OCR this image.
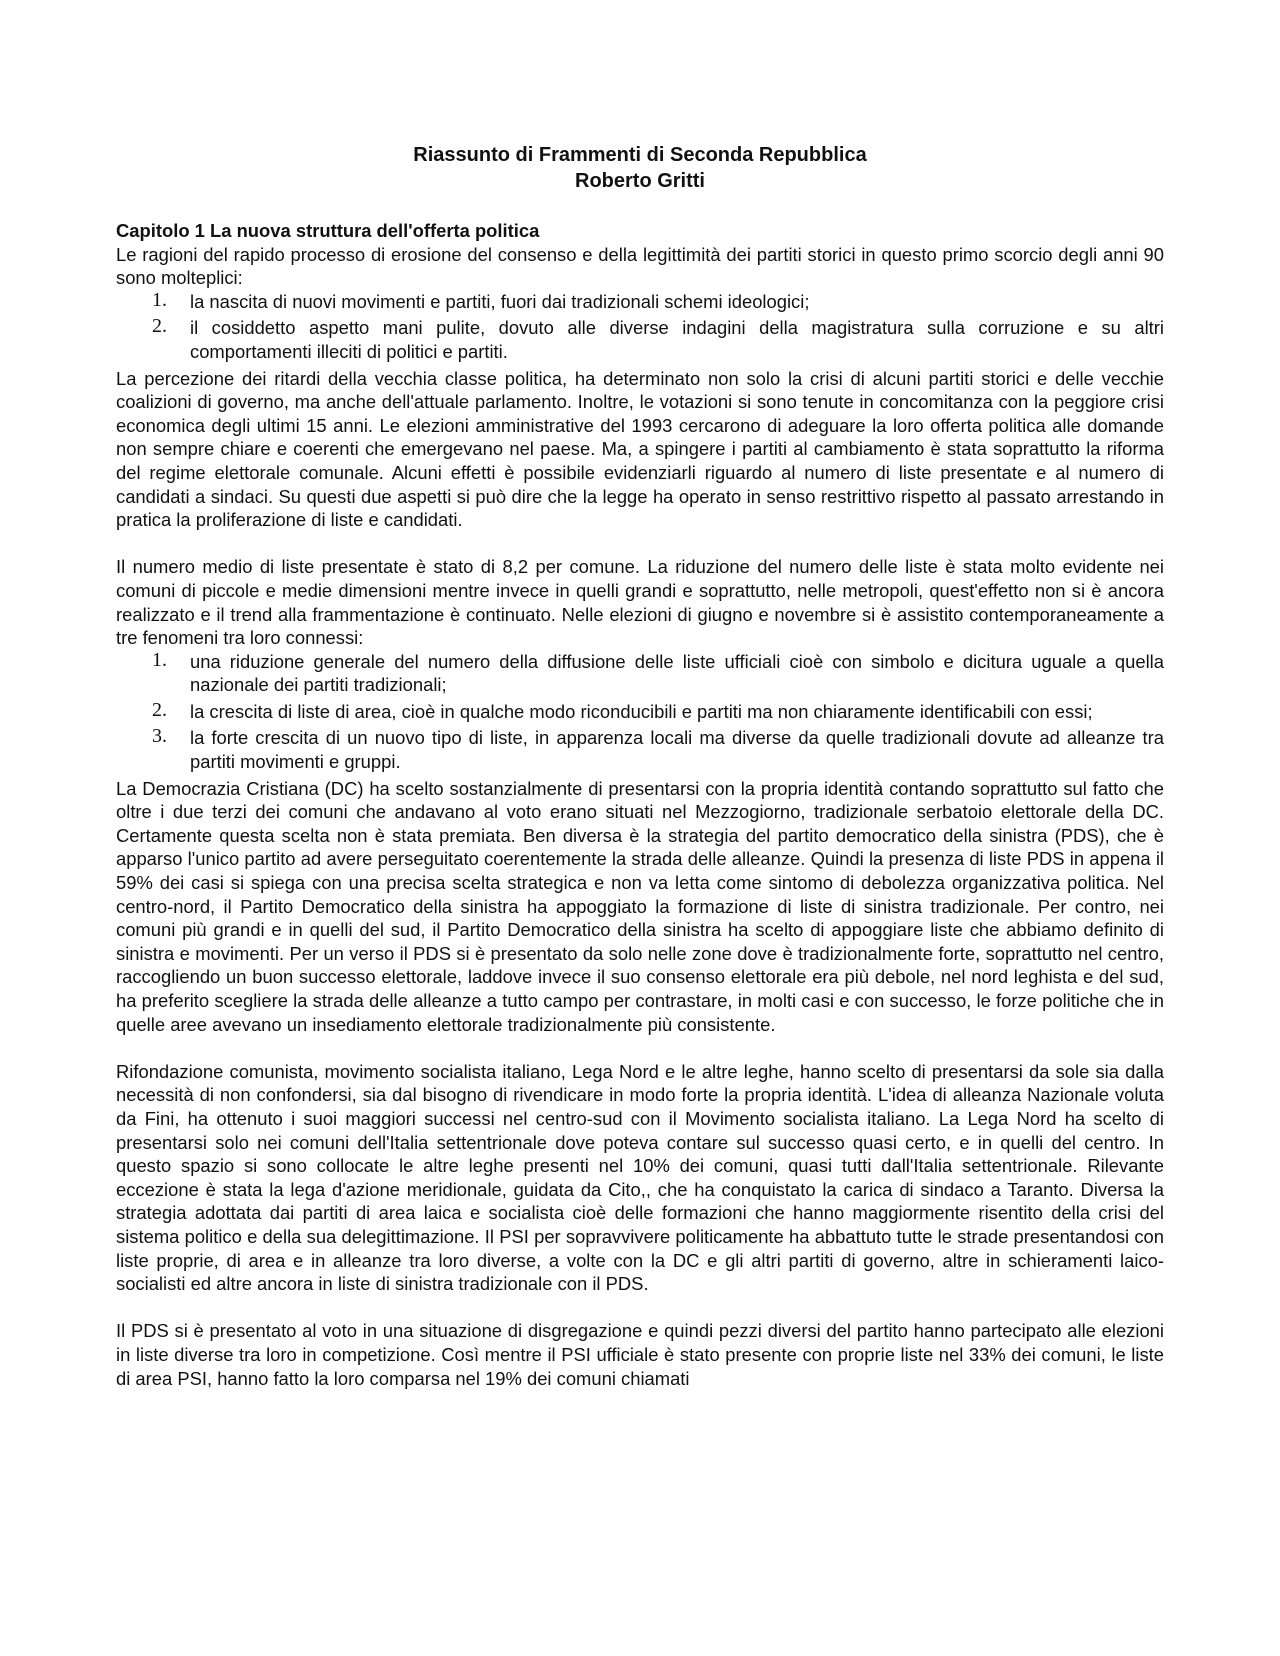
Riassunto di Frammenti di Seconda Repubblica
Roberto Gritti
Capitolo 1 La nuova struttura dell'offerta politica

Le ragioni del rapido processo di erosione del consenso e della legittimità dei partiti storici in questo primo scorcio degli anni 90 sono molteplici:

1. la nascita di nuovi movimenti e partiti, fuori dai tradizionali schemi ideologici;
2. il cosiddetto aspetto mani pulite, dovuto alle diverse indagini della magistratura sulla corruzione e su altri comportamenti illeciti di politici e partiti.

La percezione dei ritardi della vecchia classe politica, ha determinato non solo la crisi di alcuni partiti storici e delle vecchie coalizioni di governo, ma anche dell'attuale parlamento. Inoltre, le votazioni si sono tenute in concomitanza con la peggiore crisi economica degli ultimi 15 anni. Le elezioni amministrative del 1993 cercarono di adeguare la loro offerta politica alle domande non sempre chiare e coerenti che emergevano nel paese. Ma, a spingere i partiti al cambiamento è stata soprattutto la riforma del regime elettorale comunale. Alcuni effetti è possibile evidenziarli riguardo al numero di liste presentate e al numero di candidati a sindaci. Su questi due aspetti si può dire che la legge ha operato in senso restrittivo rispetto al passato arrestando in pratica la proliferazione di liste e candidati.

Il numero medio di liste presentate è stato di 8,2 per comune. La riduzione del numero delle liste è stata molto evidente nei comuni di piccole e medie dimensioni mentre invece in quelli grandi e soprattutto, nelle metropoli, quest'effetto non si è ancora realizzato e il trend alla frammentazione è continuato. Nelle elezioni di giugno e novembre si è assistito contemporaneamente a tre fenomeni tra loro connessi:

1. una riduzione generale del numero della diffusione delle liste ufficiali cioè con simbolo e dicitura uguale a quella nazionale dei partiti tradizionali;
2. la crescita di liste di area, cioè in qualche modo riconducibili e partiti ma non chiaramente identificabili con essi;
3. la forte crescita di un nuovo tipo di liste, in apparenza locali ma diverse da quelle tradizionali dovute ad alleanze tra partiti movimenti e gruppi.

La Democrazia Cristiana (DC) ha scelto sostanzialmente di presentarsi con la propria identità contando soprattutto sul fatto che oltre i due terzi dei comuni che andavano al voto erano situati nel Mezzogiorno, tradizionale serbatoio elettorale della DC. Certamente questa scelta non è stata premiata. Ben diversa è la strategia del partito democratico della sinistra (PDS), che è apparso l'unico partito ad avere perseguitato coerentemente la strada delle alleanze. Quindi la presenza di liste PDS in appena il 59% dei casi si spiega con una precisa scelta strategica e non va letta come sintomo di debolezza organizzativa politica. Nel centro-nord, il Partito Democratico della sinistra ha appoggiato la formazione di liste di sinistra tradizionale. Per contro, nei comuni più grandi e in quelli del sud, il Partito Democratico della sinistra ha scelto di appoggiare liste che abbiamo definito di sinistra e movimenti. Per un verso il PDS si è presentato da solo nelle zone dove è tradizionalmente forte, soprattutto nel centro, raccogliendo un buon successo elettorale, laddove invece il suo consenso elettorale era più debole, nel nord leghista e del sud, ha preferito scegliere la strada delle alleanze a tutto campo per contrastare, in molti casi e con successo, le forze politiche che in quelle aree avevano un insediamento elettorale tradizionalmente più consistente.

Rifondazione comunista, movimento socialista italiano, Lega Nord e le altre leghe, hanno scelto di presentarsi da sole sia dalla necessità di non confondersi, sia dal bisogno di rivendicare in modo forte la propria identità. L'idea di alleanza Nazionale voluta da Fini, ha ottenuto i suoi maggiori successi nel centro-sud con il Movimento socialista italiano. La Lega Nord ha scelto di presentarsi solo nei comuni dell'Italia settentrionale dove poteva contare sul successo quasi certo, e in quelli del centro. In questo spazio si sono collocate le altre leghe presenti nel 10% dei comuni, quasi tutti dall'Italia settentrionale. Rilevante eccezione è stata la lega d'azione meridionale, guidata da Cito,, che ha conquistato la carica di sindaco a Taranto. Diversa la strategia adottata dai partiti di area laica e socialista cioè delle formazioni che hanno maggiormente risentito della crisi del sistema politico e della sua delegittimazione. Il PSI per sopravvivere politicamente ha abbattuto tutte le strade presentandosi con liste proprie, di area e in alleanze tra loro diverse, a volte con la DC e gli altri partiti di governo, altre in schieramenti laico-socialisti ed altre ancora in liste di sinistra tradizionale con il PDS.

Il PDS si è presentato al voto in una situazione di disgregazione e quindi pezzi diversi del partito hanno partecipato alle elezioni in liste diverse tra loro in competizione. Così mentre il PSI ufficiale è stato presente con proprie liste nel 33% dei comuni, le liste di area PSI, hanno fatto la loro comparsa nel 19% dei comuni chiamati
